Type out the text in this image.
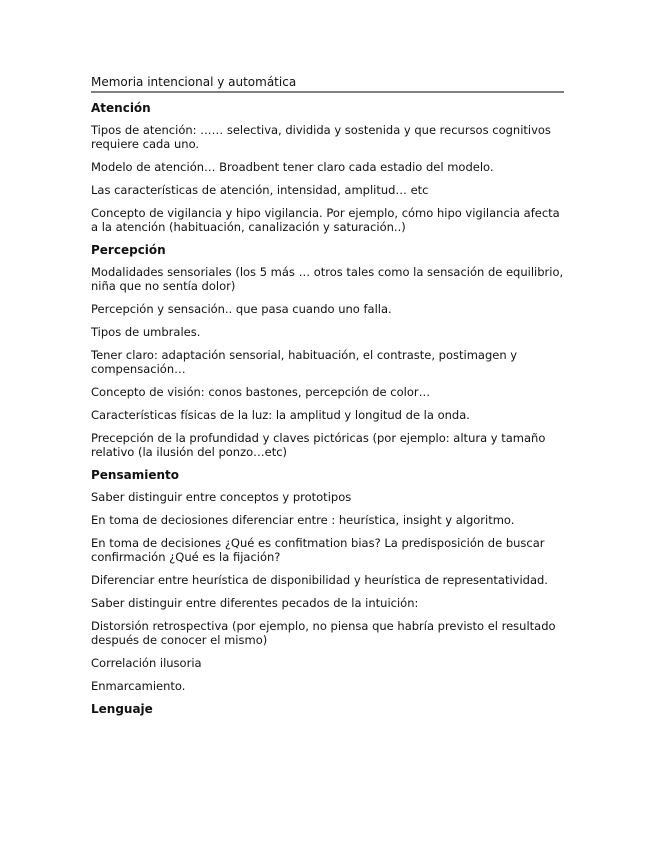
Memoria intencional y automática
Atención
Tipos de atención: …… selectiva, dividida y sostenida y que recursos cognitivos requiere cada uno.
Modelo de atención… Broadbent tener claro cada estadio del modelo.
Las características de atención, intensidad, amplitud… etc
Concepto de vigilancia y hipo vigilancia. Por ejemplo, cómo hipo vigilancia afecta a la atención (habituación, canalización y saturación..)
Percepción
Modalidades sensoriales (los 5 más … otros tales como la sensación de equilibrio, niña que no sentía dolor)
Percepción y sensación.. que pasa cuando uno falla.
Tipos de umbrales.
Tener claro: adaptación sensorial, habituación, el contraste, postimagen y compensación…
Concepto de visión: conos bastones, percepción de color…
Características físicas de la luz: la amplitud y longitud de la onda.
Precepción de la profundidad y claves pictóricas (por ejemplo: altura y tamaño relativo (la ilusión del ponzo…etc)
Pensamiento
Saber distinguir entre conceptos y prototipos
En toma de deciosiones diferenciar entre : heurística, insight y algoritmo.
En toma de decisiones ¿Qué es confitmation bias? La predisposición de buscar confirmación ¿Qué es la fijación?
Diferenciar entre heurística de disponibilidad y heurística de representatividad.
Saber distinguir entre diferentes pecados de la intuición:
Distorsión retrospectiva (por ejemplo, no piensa que habría previsto el resultado después de conocer el mismo)
Correlación ilusoria
Enmarcamiento.
Lenguaje
